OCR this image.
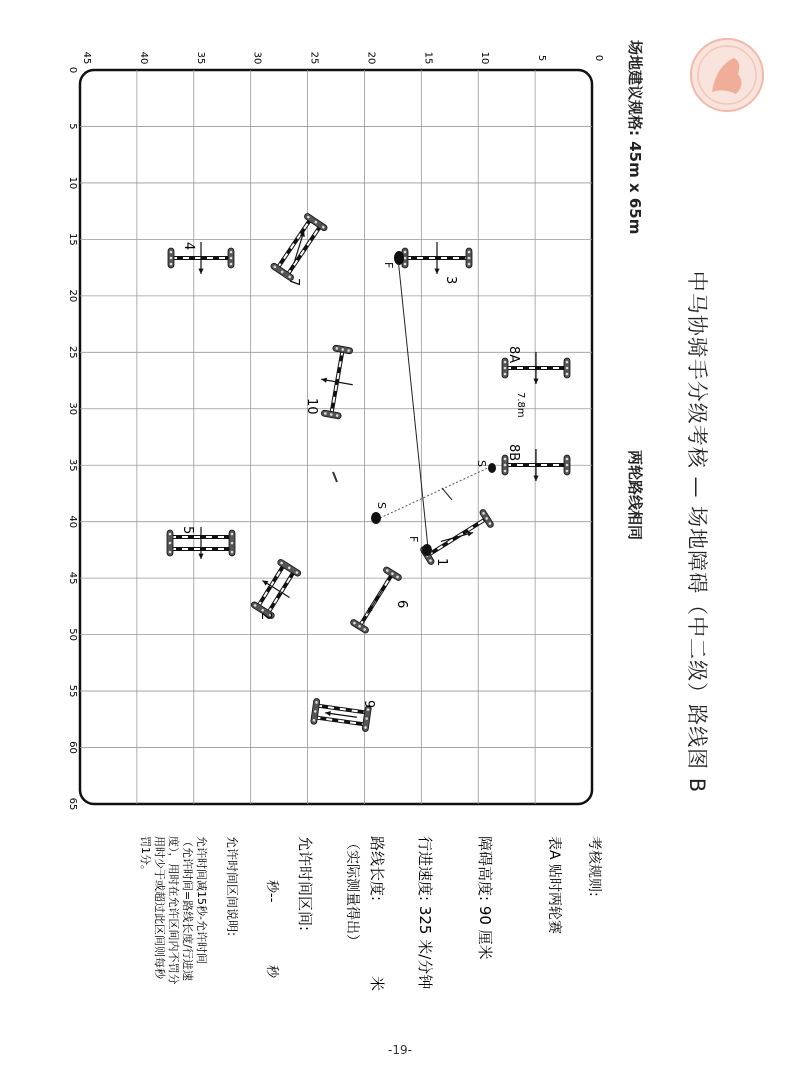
中马协骑手分级考核 — 场地障碍（中二级）路线图 B
场地建议规格: 45m x 65m
两轮路线相同
0
5
10
15
20
25
30
35
40
45
0
5
10
15
20
25
30
35
40
45
50
55
60
65
1
2
3
4
5
6
7
8A
8B
9
10
F
S
S
F
7.8m
考核规则:
表A 贴时两轮赛
障碍高度: 90 厘米
行进速度: 325 米/分钟
路线长度:
米
（实际测量得出）
允许时间区间:
秒--
秒
允许时间区间说明:
允许时间减15秒-允许时间
（允许时间=路线长度/行进速
度），用时在允许区间内不罚分
用时少于或超过此区间则每秒
罚1分。
-19-
